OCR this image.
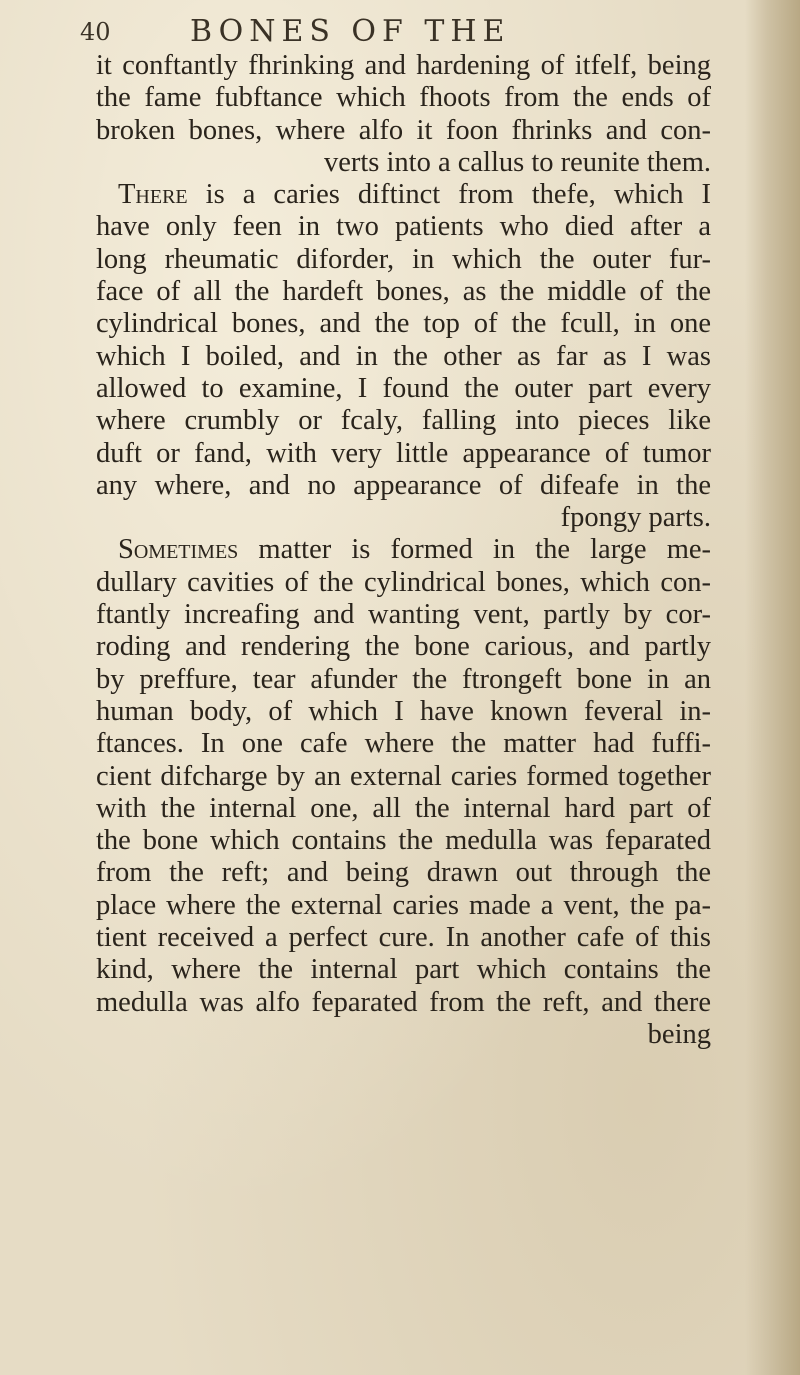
40	BONES OF THE
it conftantly fhrinking and hardening of itfelf, being
the fame fubftance which fhoots from the ends of
broken bones, where alfo it foon fhrinks and con-
verts into a callus to reunite them.
There is a caries diftinct from thefe, which I
have only feen in two patients who died after a
long rheumatic diforder, in which the outer fur-
face of all the hardeft bones, as the middle of the
cylindrical bones, and the top of the fcull, in one
which I boiled, and in the other as far as I was
allowed to examine, I found the outer part every
where crumbly or fcaly, falling into pieces like
duft or fand, with very little appearance of tumor
any where, and no appearance of difeafe in the
fpongy parts.
Sometimes matter is formed in the large me-
dullary cavities of the cylindrical bones, which con-
ftantly increafing and wanting vent, partly by cor-
roding and rendering the bone carious, and partly
by preffure, tear afunder the ftrongeft bone in an
human body, of which I have known feveral in-
ftances. In one cafe where the matter had fuffi-
cient difcharge by an external caries formed together
with the internal one, all the internal hard part of
the bone which contains the medulla was feparated
from the reft; and being drawn out through the
place where the external caries made a vent, the pa-
tient received a perfect cure. In another cafe of this
kind, where the internal part which contains the
medulla was alfo feparated from the reft, and there
being
